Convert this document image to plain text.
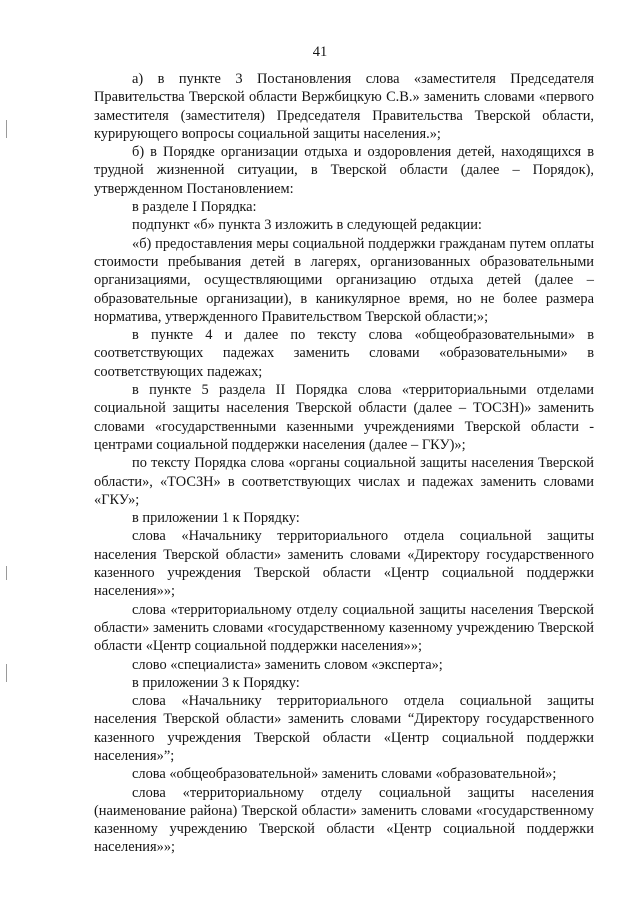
41

а) в пункте 3 Постановления слова «заместителя Председателя Правительства Тверской области Вержбицкую С.В.» заменить словами «первого заместителя (заместителя) Председателя Правительства Тверской области, курирующего вопросы социальной защиты населения.»;

б) в Порядке организации отдыха и оздоровления детей, находящихся в трудной жизненной ситуации, в Тверской области (далее – Порядок), утвержденном Постановлением:

в разделе I Порядка:

подпункт «б» пункта 3 изложить в следующей редакции:

«б) предоставления меры социальной поддержки гражданам путем оплаты стоимости пребывания детей в лагерях, организованных образовательными организациями, осуществляющими организацию отдыха детей (далее – образовательные организации), в каникулярное время, но не более размера норматива, утвержденного Правительством Тверской области;»;

в пункте 4 и далее по тексту слова «общеобразовательными» в соответствующих падежах заменить словами «образовательными» в соответствующих падежах;

в пункте 5 раздела II Порядка слова «территориальными отделами социальной защиты населения Тверской области (далее – ТОСЗН)» заменить словами «государственными казенными учреждениями Тверской области - центрами социальной поддержки населения (далее – ГКУ)»;

по тексту Порядка слова «органы социальной защиты населения Тверской области», «ТОСЗН» в соответствующих числах и падежах заменить словами «ГКУ»;

в приложении 1 к Порядку:

слова «Начальнику территориального отдела социальной защиты населения Тверской области» заменить словами «Директору государственного казенного учреждения Тверской области «Центр социальной поддержки населения»»;

слова «территориальному отделу социальной защиты населения Тверской области» заменить словами «государственному казенному учреждению Тверской области «Центр социальной поддержки населения»»;

слово «специалиста» заменить словом «эксперта»;

в приложении 3 к Порядку:

слова «Начальнику территориального отдела социальной защиты населения Тверской области» заменить словами “Директору государственного казенного учреждения Тверской области «Центр социальной поддержки населения»”;

слова «общеобразовательной» заменить словами «образовательной»;

слова «территориальному отделу социальной защиты населения (наименование района) Тверской области» заменить словами «государственному казенному учреждению Тверской области «Центр социальной поддержки населения»»;
